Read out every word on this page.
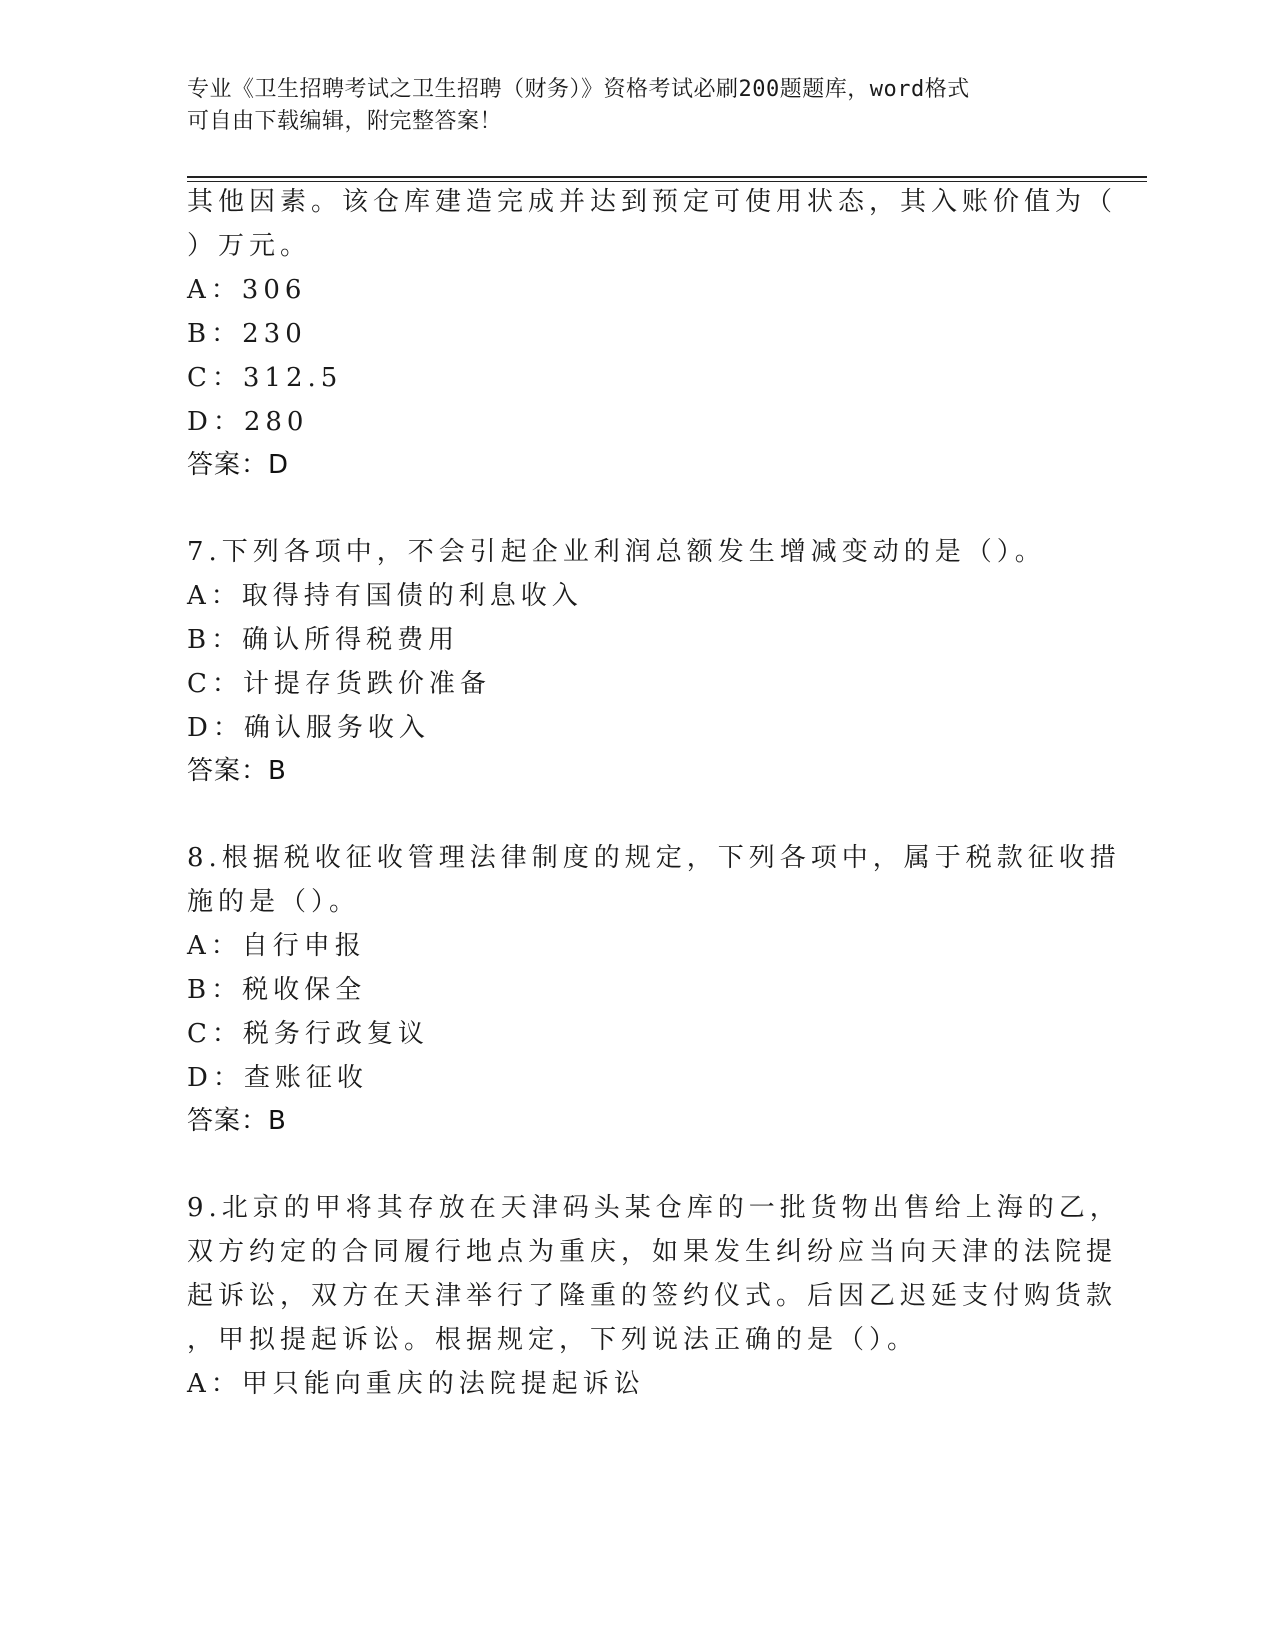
专业《卫生招聘考试之卫生招聘（财务）》资格考试必刷200题题库，word格式
可自由下载编辑，附完整答案！
其他因素。该仓库建造完成并达到预定可使用状态，其入账价值为（
）万元。
A：306
B：230
C：312.5
D：280
答案：D
7.下列各项中，不会引起企业利润总额发生增减变动的是（）。
A：取得持有国债的利息收入
B：确认所得税费用
C：计提存货跌价准备
D：确认服务收入
答案：B
8.根据税收征收管理法律制度的规定，下列各项中，属于税款征收措
施的是（）。
A：自行申报
B：税收保全
C：税务行政复议
D：查账征收
答案：B
9.北京的甲将其存放在天津码头某仓库的一批货物出售给上海的乙，
双方约定的合同履行地点为重庆，如果发生纠纷应当向天津的法院提
起诉讼，双方在天津举行了隆重的签约仪式。后因乙迟延支付购货款
，甲拟提起诉讼。根据规定，下列说法正确的是（）。
A：甲只能向重庆的法院提起诉讼
